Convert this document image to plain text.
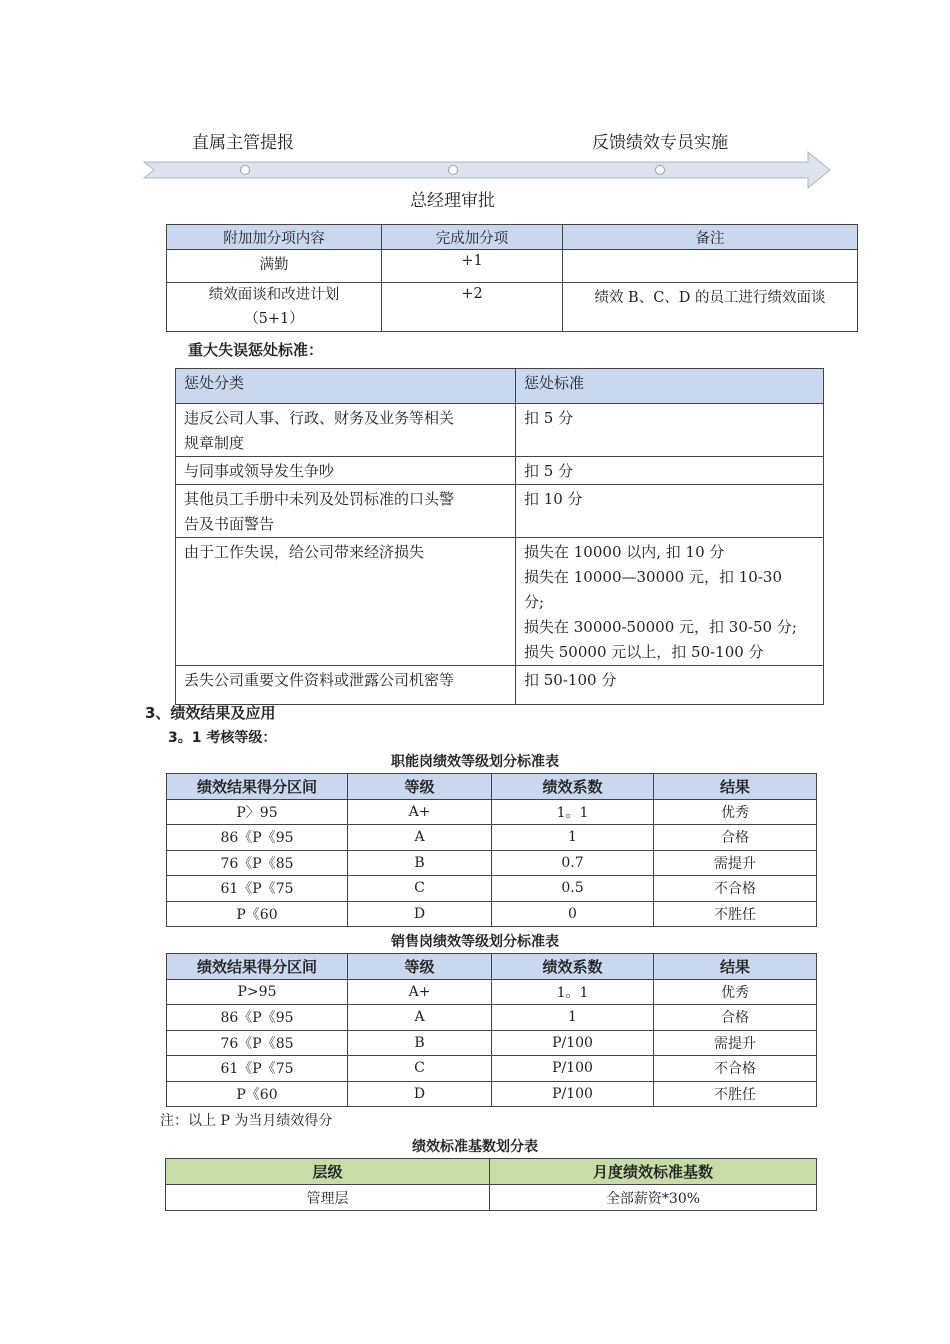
直属主管提报
总经理审批
反馈绩效专员实施
附加加分项内容	完成加分项	备注
满勤	+1	

绩效面谈和改进计划
（5+1）	+2	绩效 B、C、D 的员工进行绩效面谈
重大失误惩处标准：
惩处分类	惩处标准

违反公司人事、行政、财务及业务等相关
规章制度	扣 5 分

与同事或领导发生争吵	扣 5 分

其他员工手册中未列及处罚标准的口头警
告及书面警告	扣 10 分

由于工作失误，给公司带来经济损失	损失在 10000 以内, 扣 10 分
损失在 10000—30000 元，扣 10-30
分;
损失在 30000-50000 元，扣 30-50 分;
损失 50000 元以上，扣 50-100 分

丢失公司重要文件资料或泄露公司机密等	扣 50-100 分
3、绩效结果及应用
3。1 考核等级：
职能岗绩效等级划分标准表
绩效结果得分区间	等级	绩效系数	结果
P〉95	A+	1。1	优秀
86《P《95	A	1	合格
76《P《85	B	0.7	需提升
61《P《75	C	0.5	不合格
P《60	D	0	不胜任
销售岗绩效等级划分标准表
绩效结果得分区间	等级	绩效系数	结果
P>95	A+	1。1	优秀
86《P《95	A	1	合格
76《P《85	B	P/100	需提升
61《P《75	C	P/100	不合格
P《60	D	P/100	不胜任
注：以上 P 为当月绩效得分
绩效标准基数划分表
层级	月度绩效标准基数
管理层	全部薪资*30%
